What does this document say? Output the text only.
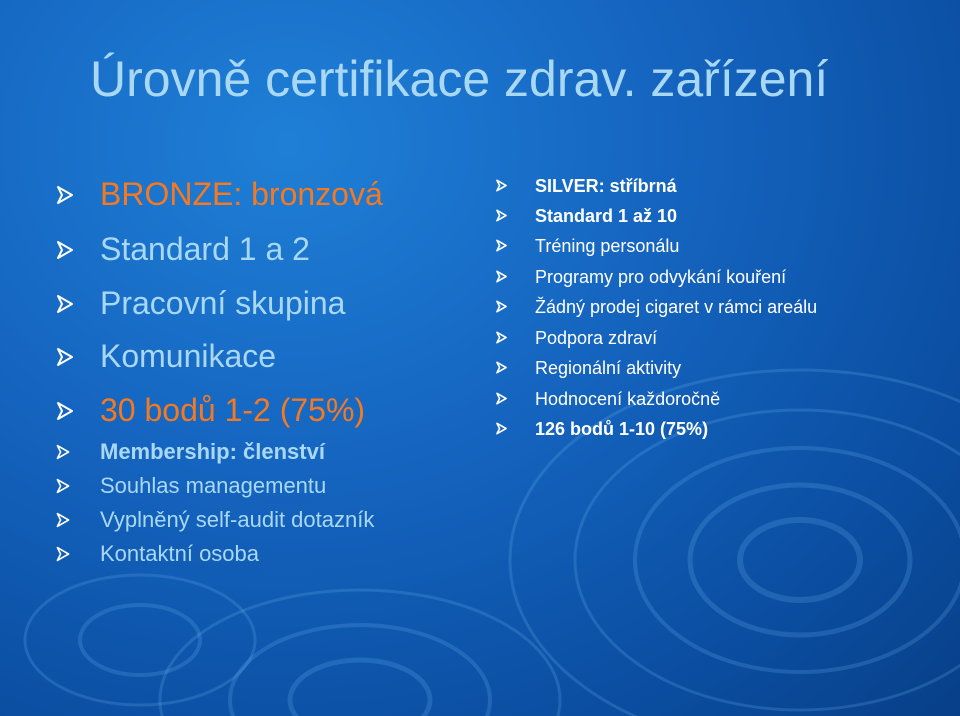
Úrovně certifikace zdrav. zařízení
BRONZE: bronzová
Standard 1 a 2
Pracovní skupina
Komunikace
30 bodů 1-2 (75%)
Membership: členství
Souhlas managementu
Vyplněný self-audit dotazník
Kontaktní osoba
SILVER: stříbrná
Standard 1 až 10
Tréning personálu
Programy pro odvykání kouření
Žádný prodej cigaret v rámci areálu
Podpora zdraví
Regionální aktivity
Hodnocení každoročně
126 bodů 1-10 (75%)
